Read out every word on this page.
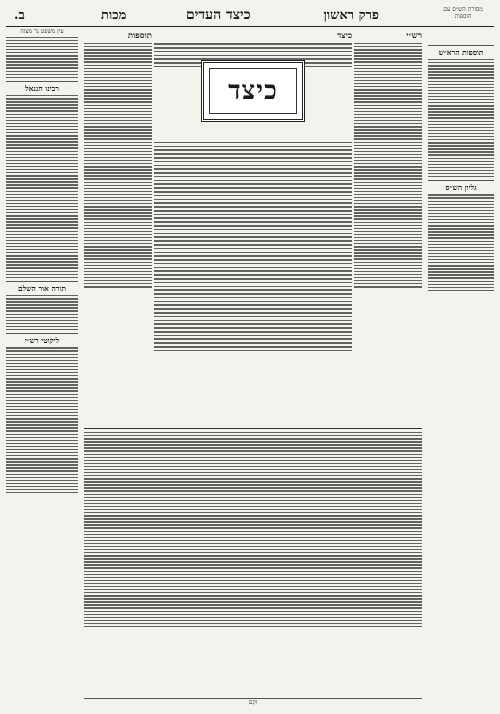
מסורת הש״ס עם הוספות
פרק ראשון
כיצד העדים
מכות
ב.
תוספות הרא״ש
גליון הש״ס
עין משפט נר מצוה
רבינו חננאל
תורה אור השלם
ליקוטי רש״י
רש״י
כיצד
כיצד
תוספות
וקם
